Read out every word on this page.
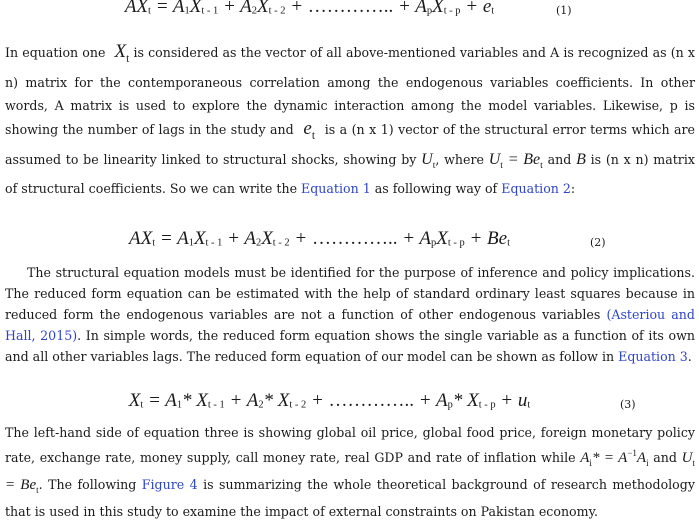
$AX_t = A_1X_{t - 1} + A_2X_{t - 2}$ + ………….. + $A_pX_{t - p} + e_t$	(1)
In equation one  $X_t$ is considered as the vector of all above-mentioned variables and A is recognized as (n x n) matrix for the contemporaneous correlation among the endogenous variables coefficients. In other words, A matrix is used to explore the dynamic interaction among the model variables. Likewise, p is showing the number of lags in the study and  $e_t$ is a (n x 1) vector of the structural error terms which are assumed to be linearity linked to structural shocks, showing by $U_t$, where $U_t = Be_t$ and B is (n x n) matrix of structural coefficients. So we can write the Equation 1 as following way of Equation 2:
$AX_t = A_1X_{t - 1} + A_2X_{t - 2}$ + ………….. + $A_pX_{t - p} + Be_t$	(2)
The structural equation models must be identified for the purpose of inference and policy implications. The reduced form equation can be estimated with the help of standard ordinary least squares because in reduced form the endogenous variables are not a function of other endogenous variables (Asteriou and Hall, 2015). In simple words, the reduced form equation shows the single variable as a function of its own and all other variables lags. The reduced form equation of our model can be shown as follow in Equation 3.
$X_t = A_1*$ $X_{t - 1} + A_2*$ $X_{t - 2}$ + ………….. + $A_p*$ $X_{t - p} + u_t$	(3)
The left-hand side of equation three is showing global oil price, global food price, foreign monetary policy rate, exchange rate, money supply, call money rate, real GDP and rate of inflation while $A_i* = A^{-1}A_i$ and $U_t = Be_t$. The following Figure 4 is summarizing the whole theoretical background of research methodology that is used in this study to examine the impact of external constraints on Pakistan economy.
